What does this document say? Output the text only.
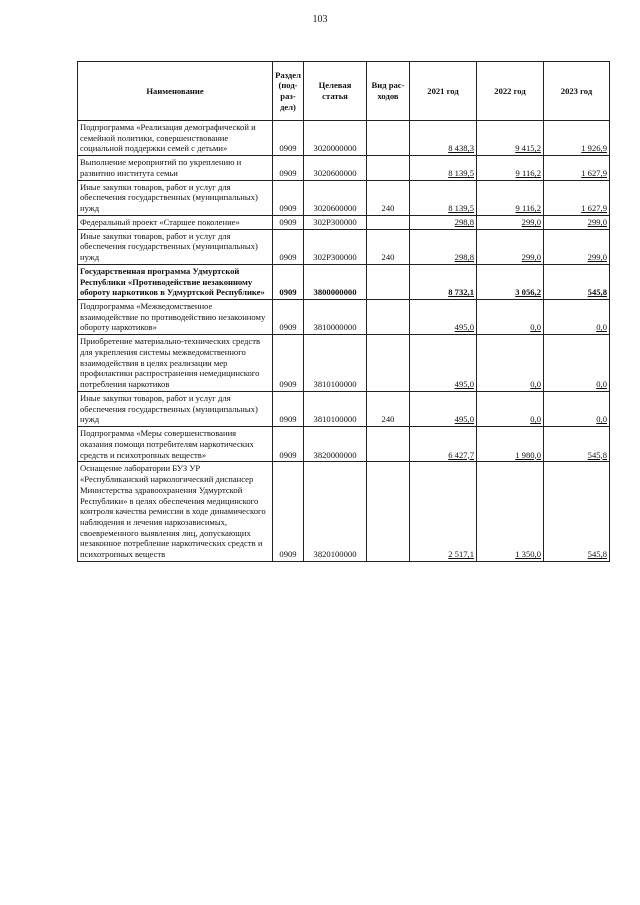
103
Наименование	Раздел (под-раз-дел)	Целевая статья	Вид рас-ходов	2021 год	2022 год	2023 год
Подпрограмма «Реализация демографической и семейной политики, совершенствование социальной поддержки семей с детьми»	0909	3020000000		8 438,3	9 415,2	1 926,9
Выполнение мероприятий по укреплению и развитию института семьи	0909	3020600000		8 139,5	9 116,2	1 627,9
Иные закупки товаров, работ и услуг для обеспечения государственных (муниципальных) нужд	0909	3020600000	240	8 139,5	9 116,2	1 627,9
Федеральный проект «Старшее поколение»	0909	302P300000		298,8	299,0	299,0
Иные закупки товаров, работ и услуг для обеспечения государственных (муниципальных) нужд	0909	302P300000	240	298,8	299,0	299,0
Государственная программа Удмуртской Республики «Противодействие незаконному обороту наркотиков в Удмуртской Республике»	0909	3800000000		8 732,1	3 056,2	545,8
Подпрограмма «Межведомственное взаимодействие по противодействию незаконному обороту наркотиков»	0909	3810000000		495,0	0,0	0,0
Приобретение материально-технических средств для укрепления системы межведомственного взаимодействия в целях реализации мер профилактики распространения немедицинского потребления наркотиков	0909	3810100000		495,0	0,0	0,0
Иные закупки товаров, работ и услуг для обеспечения государственных (муниципальных) нужд	0909	3810100000	240	495,0	0,0	0,0
Подпрограмма «Меры совершенствования оказания помощи потребителям наркотических средств и психотропных веществ»	0909	3820000000		6 427,7	1 980,0	545,8
Оснащение лаборатории БУЗ УР «Республиканский наркологический диспансер Министерства здравоохранения Удмуртской Республики» в целях обеспечения медицинского контроля качества ремиссии в ходе динамического наблюдения и лечения наркозависимых, своевременного выявления лиц, допускающих незаконное потребление наркотических средств и психотропных веществ	0909	3820100000		2 517,1	1 350,0	545,8
